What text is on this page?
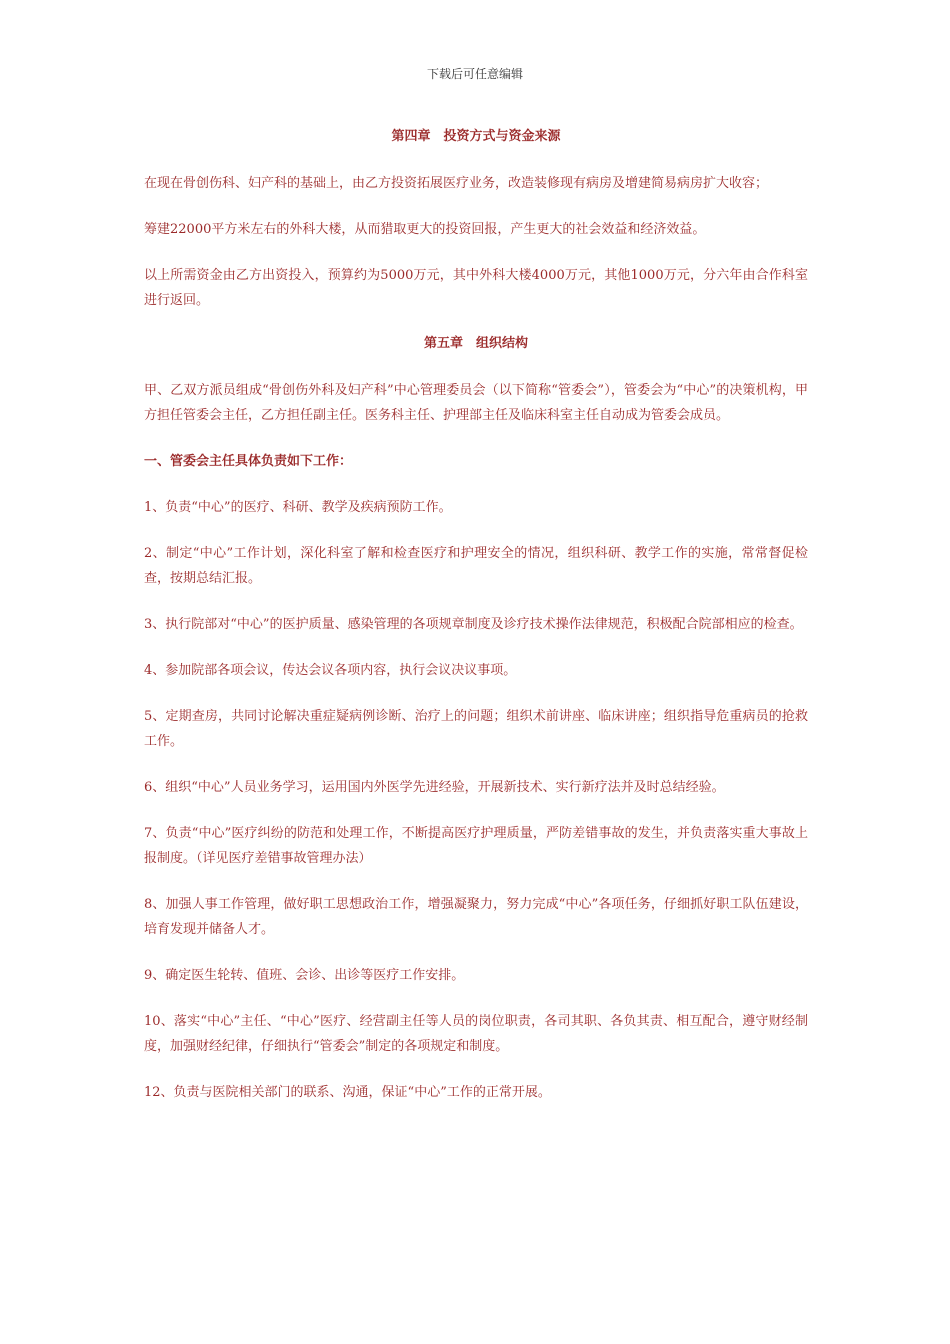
下载后可任意编辑
第四章　投资方式与资金来源

在现在骨创伤科、妇产科的基础上，由乙方投资拓展医疗业务，改造装修现有病房及增建简易病房扩大收容；

筹建22000平方米左右的外科大楼，从而猎取更大的投资回报，产生更大的社会效益和经济效益。

以上所需资金由乙方出资投入，预算约为5000万元，其中外科大楼4000万元，其他1000万元，分六年由合作科室进行返回。

第五章　组织结构

甲、乙双方派员组成“骨创伤外科及妇产科”中心管理委员会（以下简称“管委会”），管委会为“中心”的决策机构，甲方担任管委会主任，乙方担任副主任。医务科主任、护理部主任及临床科室主任自动成为管委会成员。

一、管委会主任具体负责如下工作：

1、负责“中心”的医疗、科研、教学及疾病预防工作。

2、制定“中心”工作计划，深化科室了解和检查医疗和护理安全的情况，组织科研、教学工作的实施，常常督促检查，按期总结汇报。

3、执行院部对“中心”的医护质量、感染管理的各项规章制度及诊疗技术操作法律规范，积极配合院部相应的检查。

4、参加院部各项会议，传达会议各项内容，执行会议决议事项。

5、定期查房，共同讨论解决重症疑病例诊断、治疗上的问题；组织术前讲座、临床讲座；组织指导危重病员的抢救工作。

6、组织“中心”人员业务学习，运用国内外医学先进经验，开展新技术、实行新疗法并及时总结经验。

7、负责“中心”医疗纠纷的防范和处理工作，不断提高医疗护理质量，严防差错事故的发生，并负责落实重大事故上报制度。（详见医疗差错事故管理办法）

8、加强人事工作管理，做好职工思想政治工作，增强凝聚力，努力完成“中心”各项任务，仔细抓好职工队伍建设，培育发现并储备人才。

9、确定医生轮转、值班、会诊、出诊等医疗工作安排。

10、落实“中心”主任、“中心”医疗、经营副主任等人员的岗位职责，各司其职、各负其责、相互配合，遵守财经制度，加强财经纪律，仔细执行“管委会”制定的各项规定和制度。

12、负责与医院相关部门的联系、沟通，保证“中心”工作的正常开展。
